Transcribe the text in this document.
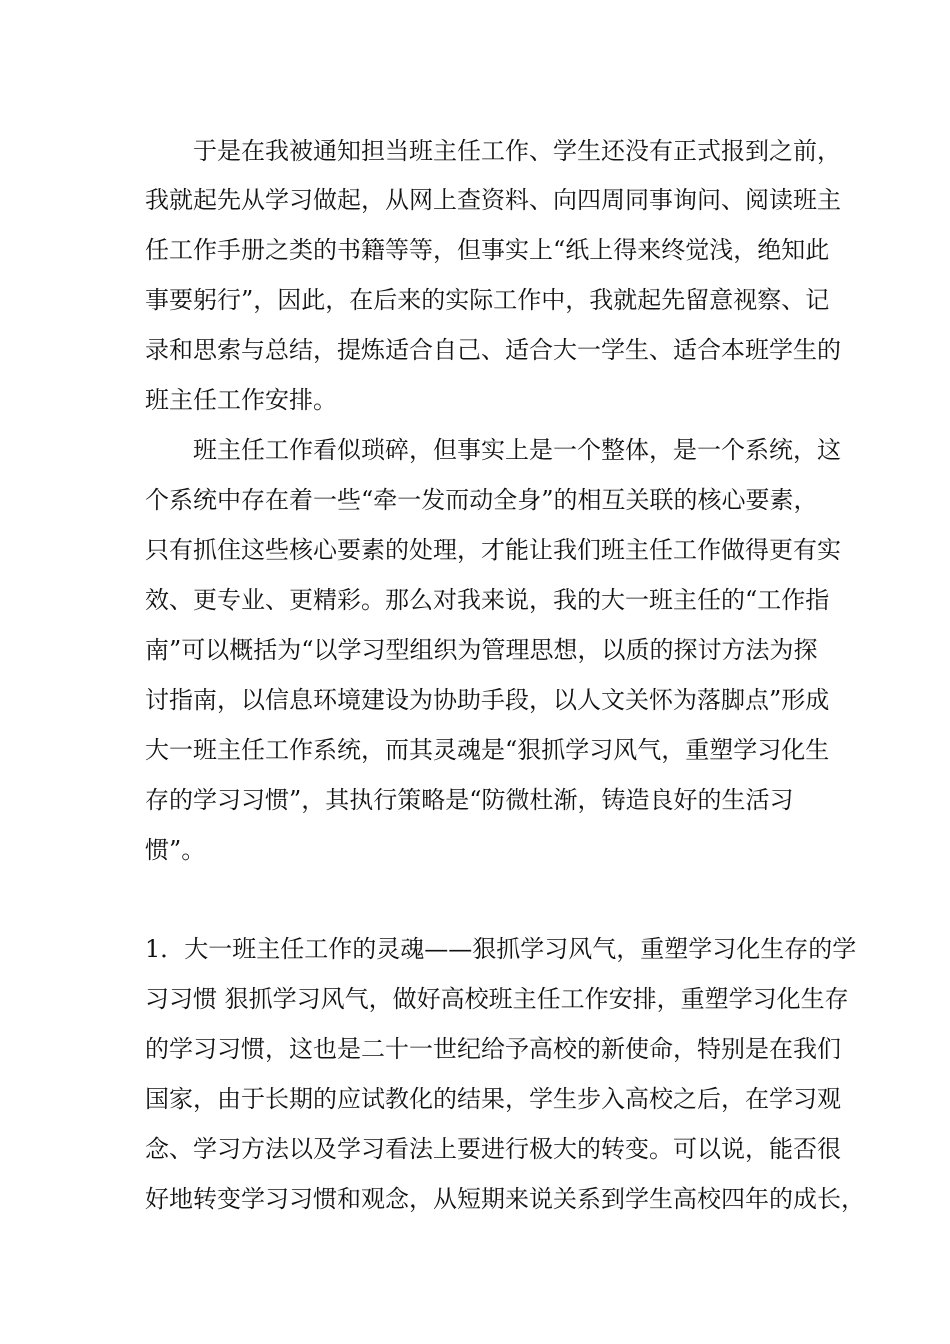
于是在我被通知担当班主任工作、学生还没有正式报到之前，
我就起先从学习做起，从网上查资料、向四周同事询问、阅读班主
任工作手册之类的书籍等等，但事实上“纸上得来终觉浅，绝知此
事要躬行”，因此，在后来的实际工作中，我就起先留意视察、记
录和思索与总结，提炼适合自己、适合大一学生、适合本班学生的
班主任工作安排。
班主任工作看似琐碎，但事实上是一个整体，是一个系统，这
个系统中存在着一些“牵一发而动全身”的相互关联的核心要素，
只有抓住这些核心要素的处理，才能让我们班主任工作做得更有实
效、更专业、更精彩。那么对我来说，我的大一班主任的“工作指
南”可以概括为“以学习型组织为管理思想，以质的探讨方法为探
讨指南，以信息环境建设为协助手段，以人文关怀为落脚点”形成
大一班主任工作系统，而其灵魂是“狠抓学习风气，重塑学习化生
存的学习习惯”，其执行策略是“防微杜渐，铸造良好的生活习
惯”。
1．大一班主任工作的灵魂——狠抓学习风气，重塑学习化生存的学
习习惯 狠抓学习风气，做好高校班主任工作安排，重塑学习化生存
的学习习惯，这也是二十一世纪给予高校的新使命，特别是在我们
国家，由于长期的应试教化的结果，学生步入高校之后，在学习观
念、学习方法以及学习看法上要进行极大的转变。可以说，能否很
好地转变学习习惯和观念，从短期来说关系到学生高校四年的成长，
